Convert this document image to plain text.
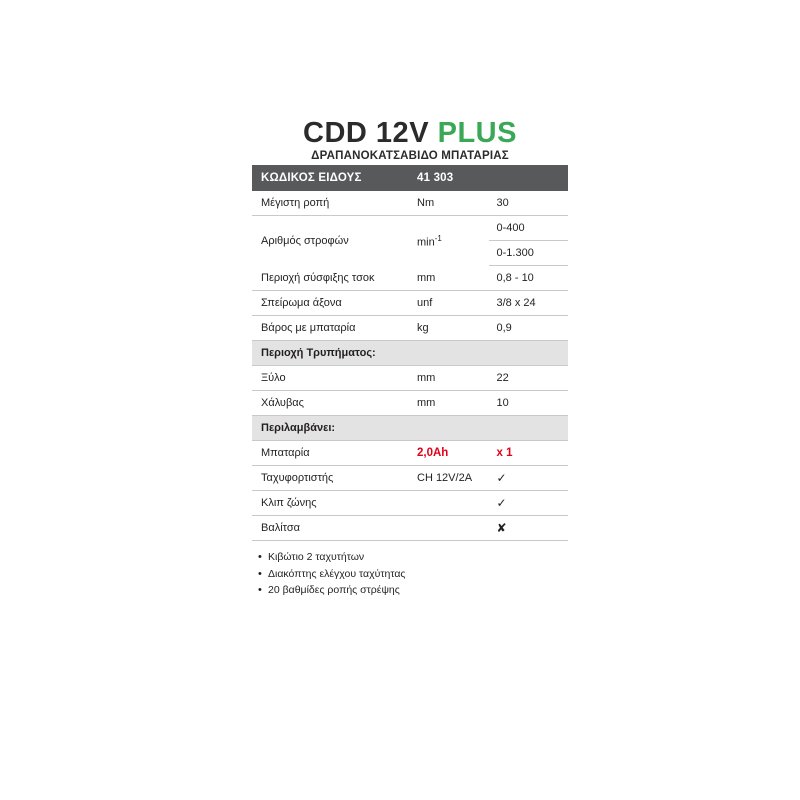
CDD 12V PLUS
ΔΡΑΠΑΝΟΚΑΤΣΑΒΙΔΟ ΜΠΑΤΑΡΙΑΣ
ΚΩΔΙΚΟΣ ΕΙΔΟΥΣ	41 303	
Μέγιστη ροπή	Nm	30
Αριθμός στροφών	$\min^{-1}$	0-400
		0-1.300
Περιοχή σύσφιξης τσοκ	mm	0,8 - 10
Σπείρωμα άξονα	unf	3/8 x 24
Βάρος με μπαταρία	kg	0,9
Περιοχή Τρυπήματος:		
Ξύλο	mm	22
Χάλυβας	mm	10
Περιλαμβάνει:		
Μπαταρία	2,0Ah	x 1
Ταχυφορτιστής	CH 12V/2A	✓
Κλιπ ζώνης		✓
Βαλίτσα		✘
• Κιβώτιο 2 ταχυτήτων
• Διακόπτης ελέγχου ταχύτητας
• 20 βαθμίδες ροπής στρέψης
